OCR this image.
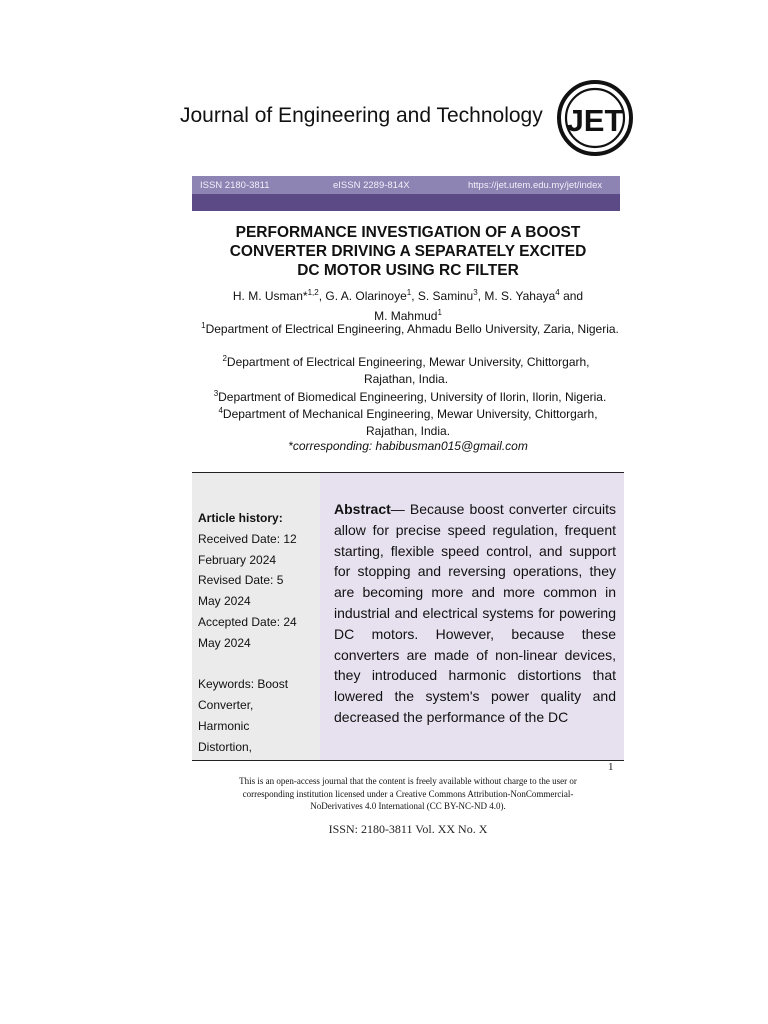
Journal of Engineering and Technology JET
ISSN 2180-3811	eISSN 2289-814X	https://jet.utem.edu.my/jet/index
PERFORMANCE INVESTIGATION OF A BOOST
CONVERTER DRIVING A SEPARATELY EXCITED
DC MOTOR USING RC FILTER
H. M. Usman*$^{1,2}$, G. A. Olarinoye$^1$, S. Saminu$^3$, M. S. Yahaya$^4$ and
M. Mahmud$^1$
$^1$Department of Electrical Engineering, Ahmadu Bello University, Zaria, Nigeria.
$^2$Department of Electrical Engineering, Mewar University, Chittorgarh, Rajathan, India.
$^3$Department of Biomedical Engineering, University of Ilorin, Ilorin, Nigeria.
$^4$Department of Mechanical Engineering, Mewar University, Chittorgarh, Rajathan, India.
*corresponding: habibusman015@gmail.com
Article history:
Received Date: 12
February 2024
Revised Date: 5
May 2024
Accepted Date: 24
May 2024
Keywords: Boost
Converter,
Harmonic
Distortion,
Abstract— Because boost converter circuits allow for precise speed regulation, frequent starting, flexible speed control, and support for stopping and reversing operations, they are becoming more and more common in industrial and electrical systems for powering DC motors. However, because these converters are made of non-linear devices, they introduced harmonic distortions that lowered the system's power quality and decreased the performance of the DC
1
This is an open-access journal that the content is freely available without charge to the user or
corresponding institution licensed under a Creative Commons Attribution-NonCommercial-
NoDerivatives 4.0 International (CC BY-NC-ND 4.0).
ISSN: 2180-3811 Vol. XX No. X
